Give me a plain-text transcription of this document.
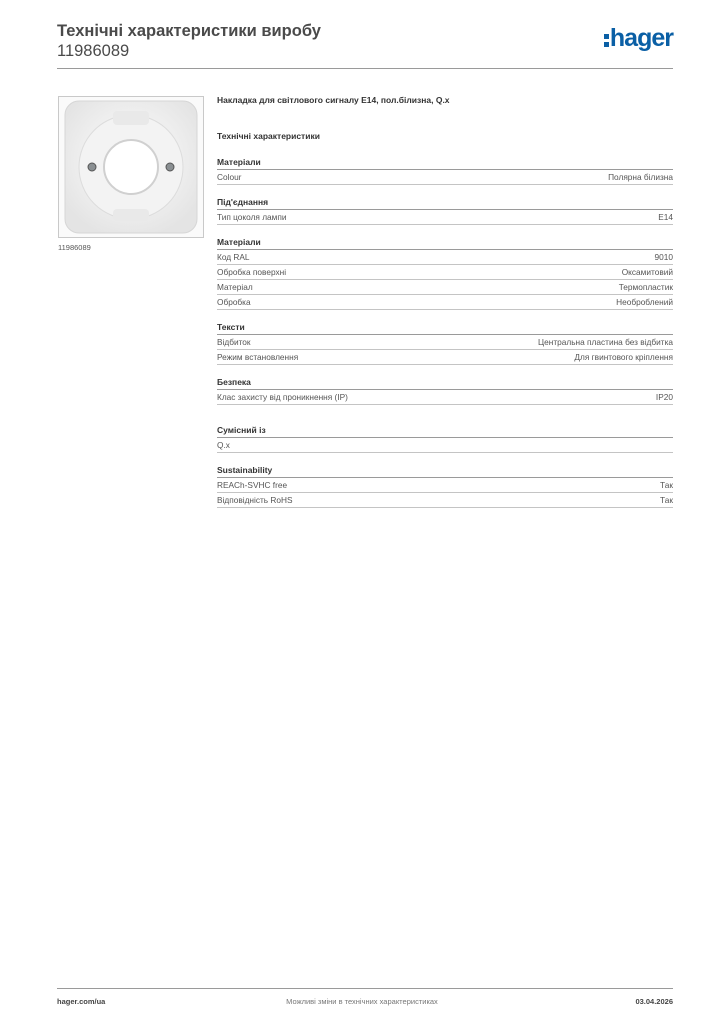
Технічні характеристики виробу
11986089	hager
11986089
Накладка для світлового сигналу E14, пол.білизна, Q.x
Технічні характеристики
Матеріали
Colour	Полярна білизна
Під'єднання
Тип цоколя лампи	E14
Матеріали
Код RAL	9010
Обробка поверхні	Оксамитовий
Матеріал	Термопластик
Обробка	Необроблений
Тексти
Відбиток	Центральна пластина без відбитка
Режим встановлення	Для гвинтового кріплення
Безпека
Клас захисту від проникнення (IP)	IP20
Сумісний із
Q.x
Sustainability
REACh-SVHC free	Так
Відповідність RoHS	Так
hager.com/ua	Можливі зміни в технічних характеристиках	03.04.2026
